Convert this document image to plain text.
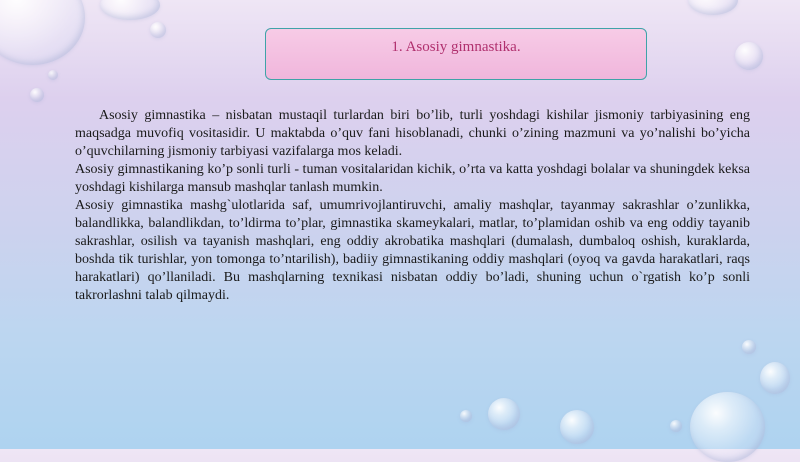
1. Asosiy gimnastika.

Asosiy gimnastika – nisbatan mustaqil turlardan biri bo’lib, turli yoshdagi kishilar jismoniy tarbiyasining eng maqsadga muvofiq vositasidir. U maktabda o’quv fani hisoblanadi, chunki o’zining mazmuni va yo’nalishi bo’yicha o’quvchilarning jismoniy tarbiyasi vazifalarga mos keladi.

Asosiy gimnastikaning ko’p sonli turli - tuman vositalaridan kichik, o’rta va katta yoshdagi bolalar va shuningdek keksa yoshdagi kishilarga mansub mashqlar tanlash mumkin.

Asosiy gimnastika mashg`ulotlarida saf, umumrivojlantiruvchi, amaliy mashqlar, tayanmay sakrashlar o’zunlikka, balandlikka, balandlikdan, to’ldirma to’plar, gimnastika skameykalari, matlar, to’plamidan oshib va eng oddiy tayanib sakrashlar, osilish va tayanish mashqlari, eng oddiy akrobatika mashqlari (dumalash, dumbaloq oshish, kuraklarda, boshda tik turishlar, yon tomonga to’ntarilish), badiiy gimnastikaning oddiy mashqlari (oyoq va gavda harakatlari, raqs harakatlari) qo’llaniladi. Bu mashqlarning texnikasi nisbatan oddiy bo’ladi, shuning uchun o`rgatish ko’p sonli takrorlashni talab qilmaydi.
